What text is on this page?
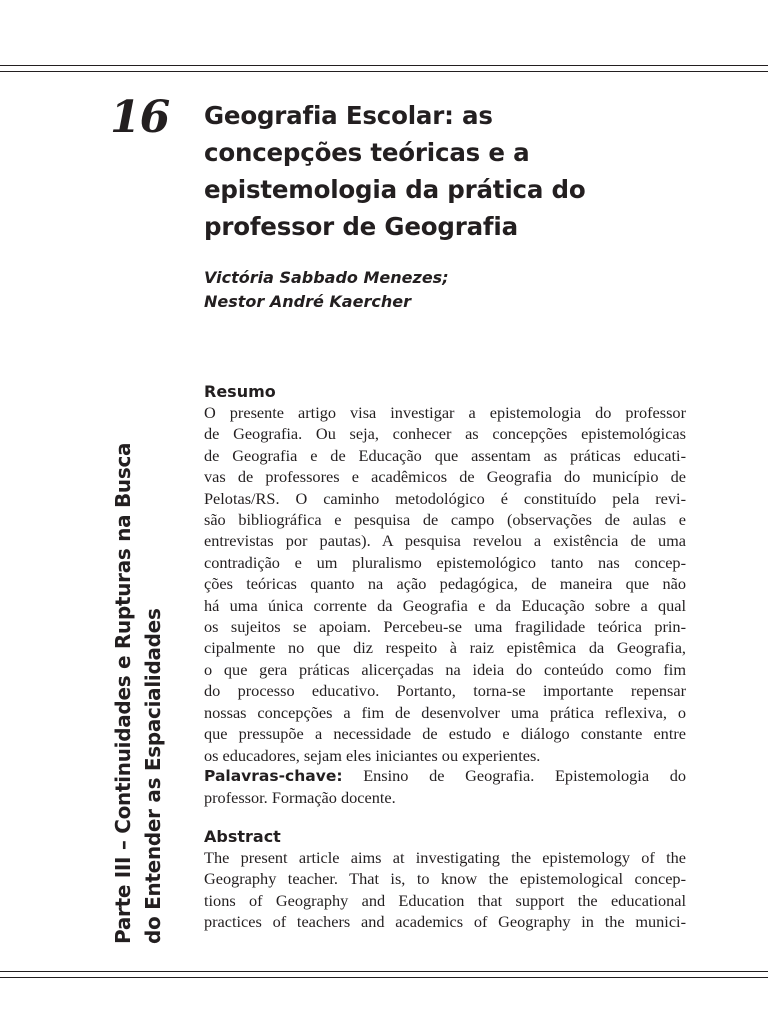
16 Geografia Escolar: as
concepções teóricas e a
epistemologia da prática do
professor de Geografia
Victória Sabbado Menezes;
Nestor André Kaercher
Resumo
O presente artigo visa investigar a epistemologia do professor
de Geografia. Ou seja, conhecer as concepções epistemológicas
de Geografia e de Educação que assentam as práticas educati-
vas de professores e acadêmicos de Geografia do município de
Pelotas/RS. O caminho metodológico é constituído pela revi-
são bibliográfica e pesquisa de campo (observações de aulas e
entrevistas por pautas). A pesquisa revelou a existência de uma
contradição e um pluralismo epistemológico tanto nas concep-
ções teóricas quanto na ação pedagógica, de maneira que não
há uma única corrente da Geografia e da Educação sobre a qual
os sujeitos se apoiam. Percebeu-se uma fragilidade teórica prin-
cipalmente no que diz respeito à raiz epistêmica da Geografia,
o que gera práticas alicerçadas na ideia do conteúdo como fim
do processo educativo. Portanto, torna-se importante repensar
nossas concepções a fim de desenvolver uma prática reflexiva, o
que pressupõe a necessidade de estudo e diálogo constante entre
os educadores, sejam eles iniciantes ou experientes.
Palavras-chave: Ensino de Geografia. Epistemologia do
professor. Formação docente.
Abstract
The present article aims at investigating the epistemology of the
Geography teacher. That is, to know the epistemological concep-
tions of Geography and Education that support the educational
practices of teachers and academics of Geography in the munici-
Parte III – Continuidades e Rupturas na Busca do Entender as Espacialidades
